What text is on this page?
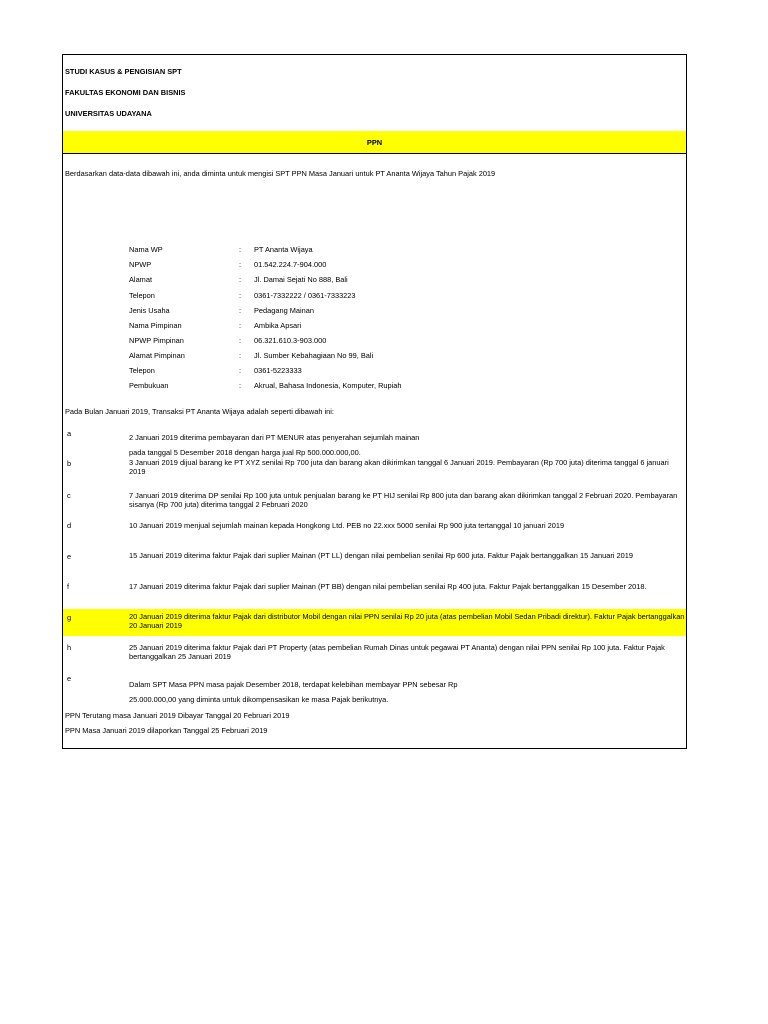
STUDI KASUS & PENGISIAN SPT
FAKULTAS EKONOMI DAN BISNIS
UNIVERSITAS UDAYANA
PPN
Berdasarkan data-data dibawah ini, anda diminta untuk mengisi SPT PPN Masa Januari untuk PT Ananta Wijaya Tahun Pajak 2019
Nama WP	: PT Ananta Wijaya
NPWP	: 01.542.224.7-904.000
Alamat	: Jl. Damai Sejati No 888, Bali
Telepon	: 0361-7332222 / 0361-7333223
Jenis Usaha	: Pedagang Mainan
Nama Pimpinan	: Ambika Apsari
NPWP Pimpinan	: 06.321.610.3-903.000
Alamat Pimpinan	: Jl. Sumber Kebahagiaan No 99, Bali
Telepon	: 0361-5223333
Pembukuan	: Akrual, Bahasa Indonesia, Komputer, Rupiah
Pada Bulan Januari 2019, Transaksi PT Ananta Wijaya adalah seperti dibawah ini:
a	2 Januari 2019 diterima pembayaran dari PT MENUR atas penyerahan sejumlah mainan
pada tanggal 5 Desember 2018 dengan harga jual Rp 500.000.000,00.
b	3 Januari 2019 dijual barang ke PT XYZ senilai Rp 700 juta dan barang akan dikirimkan tanggal 6 Januari 2019. Pembayaran (Rp 700 juta) diterima tanggal 6 januari 2019
c	7 Januari 2019 diterima DP senilai Rp 100 juta untuk penjualan barang ke PT HIJ senilai Rp 800 juta dan barang akan dikirimkan tanggal 2 Februari 2020. Pembayaran sisanya (Rp 700 juta) diterima tanggal 2 Februari 2020
d	10 Januari 2019 menjual sejumlah mainan kepada Hongkong Ltd. PEB no 22.xxx 5000 senilai Rp 900 juta tertanggal 10 januari 2019
e	15 Januari 2019 diterima faktur Pajak dari suplier Mainan (PT LL) dengan nilai pembelian senilai Rp 600 juta. Faktur Pajak bertanggalkan 15 Januari 2019
f	17 Januari 2019 diterima faktur Pajak dari suplier Mainan (PT BB) dengan nilai pembelian senilai Rp 400 juta. Faktur Pajak bertanggalkan 15 Desember 2018.
g	20 Januari 2019 diterima faktur Pajak dari distributor Mobil dengan nilai PPN senilai Rp 20 juta (atas pembelian Mobil Sedan Pribadi direktur). Faktur Pajak bertanggalkan 20 Januari 2019
h	25 Januari 2019 diterima faktur Pajak dari PT Property (atas pembelian Rumah Dinas untuk pegawai PT Ananta) dengan nilai PPN senilai Rp 100 juta. Faktur Pajak bertanggalkan 25 Januari 2019
e
Dalam SPT Masa PPN masa pajak Desember 2018, terdapat kelebihan membayar PPN sebesar Rp
25.000.000,00 yang diminta untuk dikompensasikan ke masa Pajak berikutnya.
PPN Terutang masa Januari 2019 Dibayar Tanggal 20 Februari 2019
PPN Masa Januari 2019 dilaporkan Tanggal 25 Februari 2019
